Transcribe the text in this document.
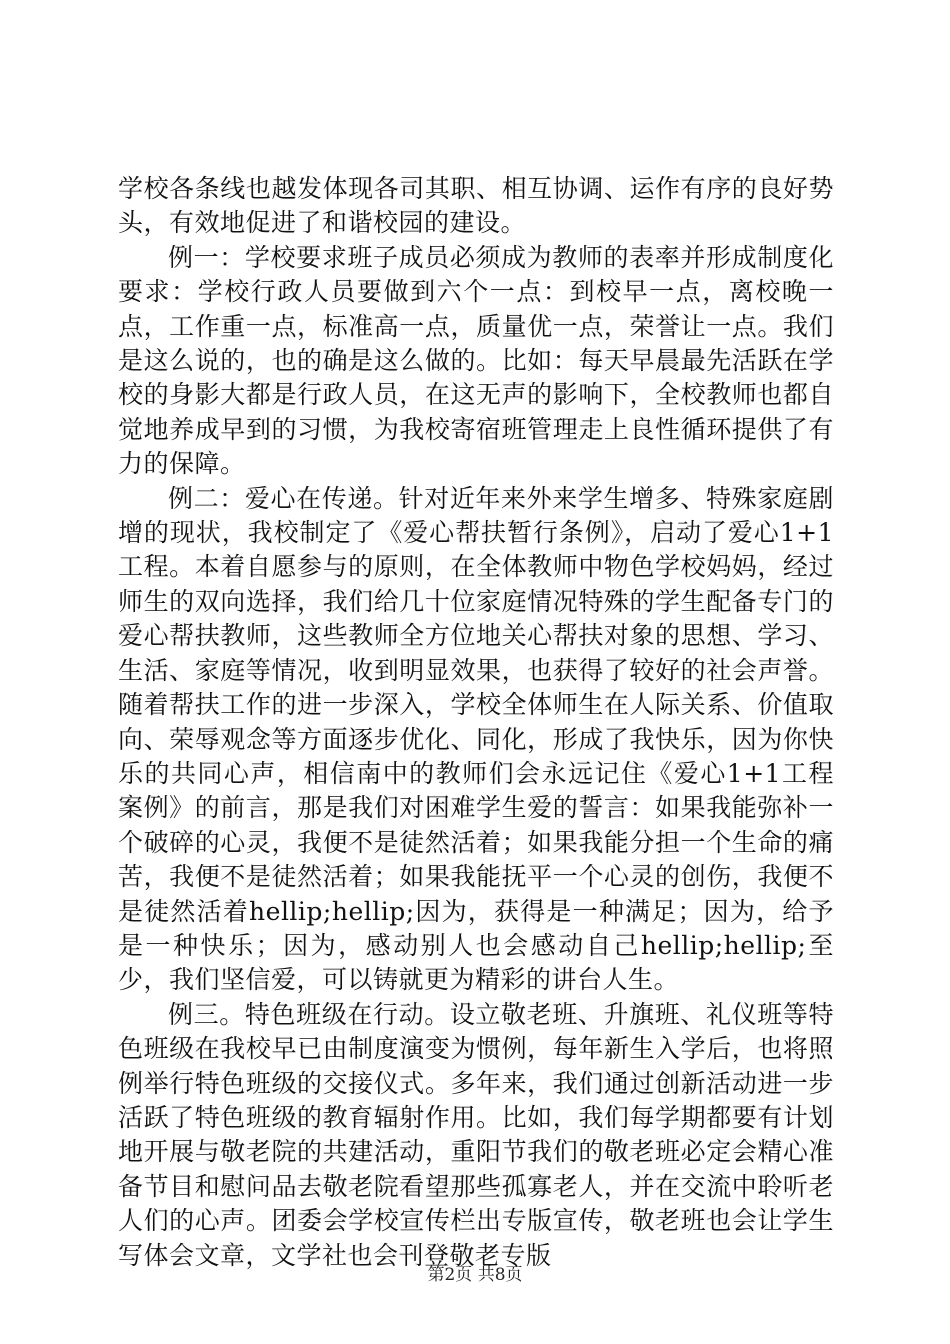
学校各条线也越发体现各司其职、相互协调、运作有序的良好势头，有效地促进了和谐校园的建设。

例一：学校要求班子成员必须成为教师的表率并形成制度化要求：学校行政人员要做到六个一点：到校早一点，离校晚一点，工作重一点，标准高一点，质量优一点，荣誉让一点。我们是这么说的，也的确是这么做的。比如：每天早晨最先活跃在学校的身影大都是行政人员，在这无声的影响下，全校教师也都自觉地养成早到的习惯，为我校寄宿班管理走上良性循环提供了有力的保障。

例二：爱心在传递。针对近年来外来学生增多、特殊家庭剧增的现状，我校制定了《爱心帮扶暂行条例》，启动了爱心1+1工程。本着自愿参与的原则，在全体教师中物色学校妈妈，经过师生的双向选择，我们给几十位家庭情况特殊的学生配备专门的爱心帮扶教师，这些教师全方位地关心帮扶对象的思想、学习、生活、家庭等情况，收到明显效果，也获得了较好的社会声誉。随着帮扶工作的进一步深入，学校全体师生在人际关系、价值取向、荣辱观念等方面逐步优化、同化，形成了我快乐，因为你快乐的共同心声，相信南中的教师们会永远记住《爱心1+1工程案例》的前言，那是我们对困难学生爱的誓言：如果我能弥补一个破碎的心灵，我便不是徒然活着；如果我能分担一个生命的痛苦，我便不是徒然活着；如果我能抚平一个心灵的创伤，我便不是徒然活着hellip;hellip;因为，获得是一种满足；因为，给予是一种快乐；因为，感动别人也会感动自己hellip;hellip;至少，我们坚信爱，可以铸就更为精彩的讲台人生。

例三。特色班级在行动。设立敬老班、升旗班、礼仪班等特色班级在我校早已由制度演变为惯例，每年新生入学后，也将照例举行特色班级的交接仪式。多年来，我们通过创新活动进一步活跃了特色班级的教育辐射作用。比如，我们每学期都要有计划地开展与敬老院的共建活动，重阳节我们的敬老班必定会精心准备节目和慰问品去敬老院看望那些孤寡老人，并在交流中聆听老人们的心声。团委会学校宣传栏出专版宣传，敬老班也会让学生写体会文章，文学社也会刊登敬老专版

第2页 共8页
